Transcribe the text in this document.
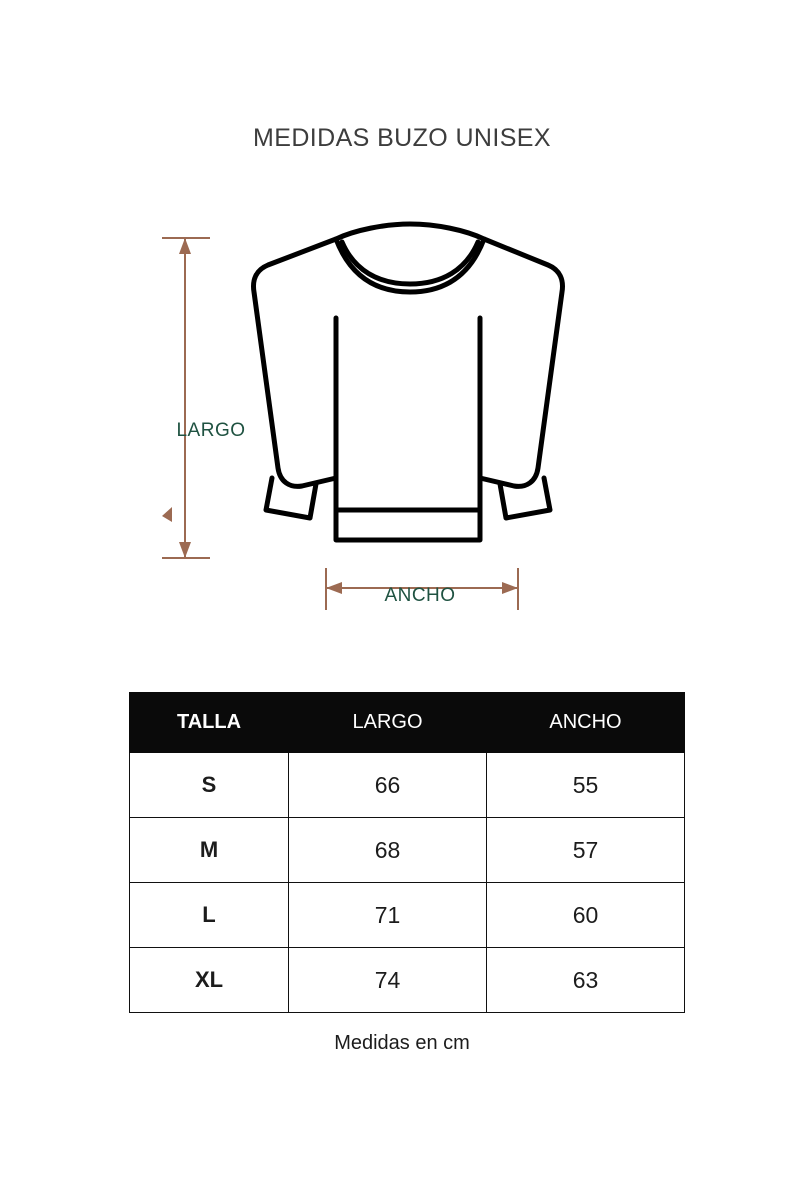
MEDIDAS BUZO UNISEX
LARGO
ANCHO
TALLA	LARGO	ANCHO
S	66	55
M	68	57
L	71	60
XL	74	63
Medidas en cm
